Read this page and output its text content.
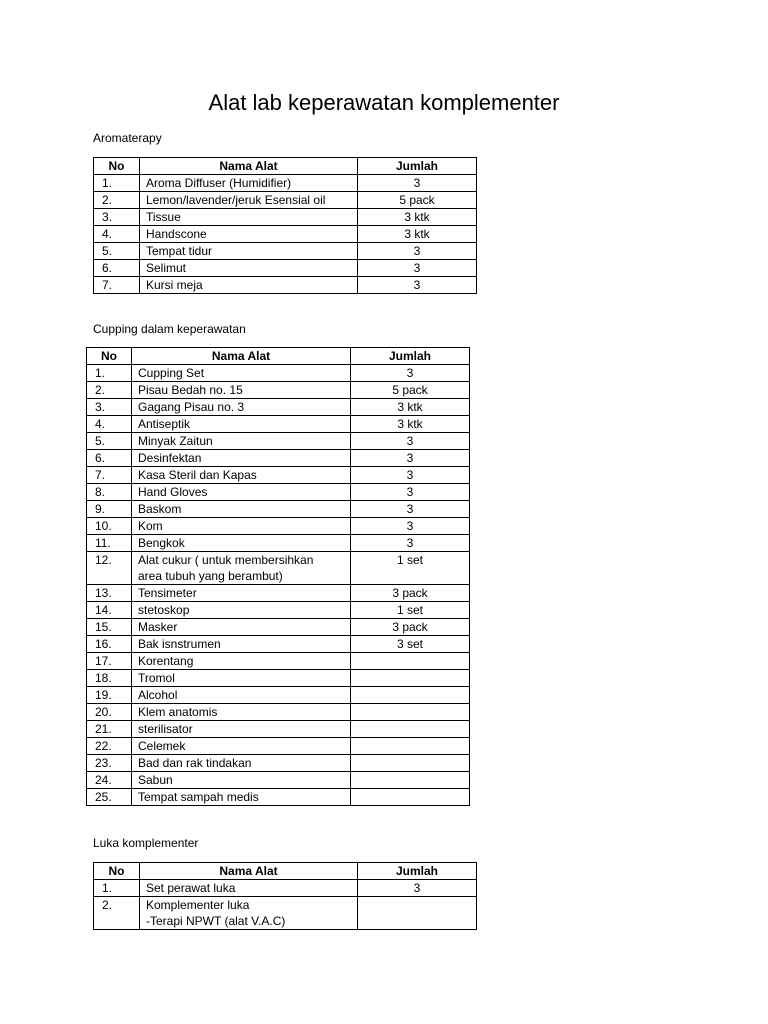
Alat lab keperawatan komplementer
Aromaterapy
No	Nama Alat	Jumlah
1.	Aroma Diffuser (Humidifier)	3
2.	Lemon/lavender/jeruk Esensial oil	5 pack
3.	Tissue	3 ktk
4.	Handscone	3 ktk
5.	Tempat tidur	3
6.	Selimut	3
7.	Kursi meja	3
Cupping dalam keperawatan
No	Nama Alat	Jumlah
1.	Cupping Set	3
2.	Pisau Bedah no. 15	5 pack
3.	Gagang Pisau no. 3	3 ktk
4.	Antiseptik	3 ktk
5.	Minyak Zaitun	3
6.	Desinfektan	3
7.	Kasa Steril dan Kapas	3
8.	Hand Gloves	3
9.	Baskom	3
10.	Kom	3
11.	Bengkok	3
12.	Alat cukur ( untuk membersihkan
area tubuh yang berambut)	1 set
13.	Tensimeter	3 pack
14.	stetoskop	1 set
15.	Masker	3 pack
16.	Bak isnstrumen	3 set
17.	Korentang	
18.	Tromol	
19.	Alcohol	
20.	Klem anatomis	
21.	sterilisator	
22.	Celemek	
23.	Bad dan rak tindakan	
24.	Sabun	
25.	Tempat sampah medis	
Luka komplementer
No	Nama Alat	Jumlah
1.	Set perawat luka	3
2.	Komplementer luka
-Terapi NPWT (alat V.A.C)	
